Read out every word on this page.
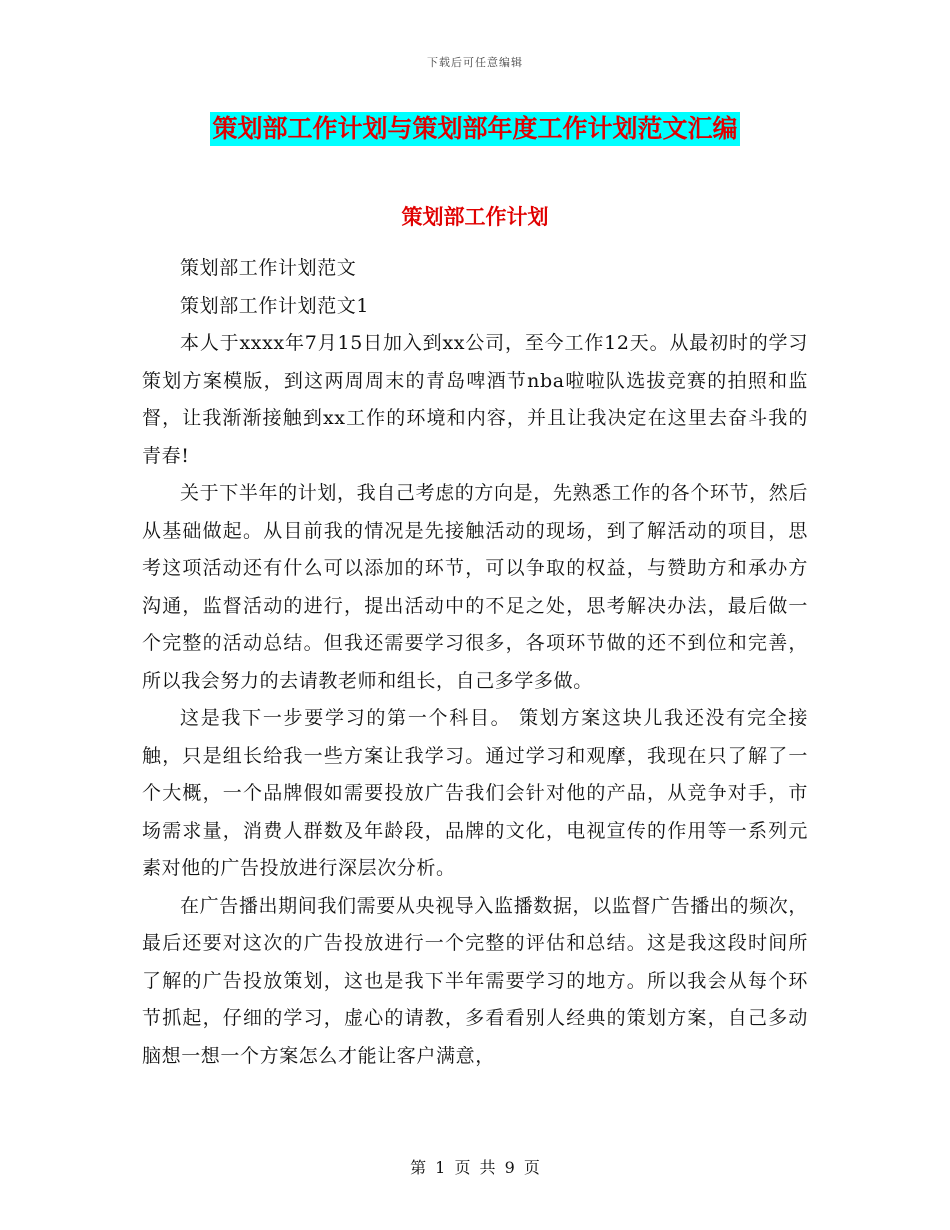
下载后可任意编辑
策划部工作计划与策划部年度工作计划范文汇编
策划部工作计划

策划部工作计划范文

策划部工作计划范文1

本人于xxxx年7月15日加入到xx公司，至今工作12天。从最初时的学习策划方案模版，到这两周周末的青岛啤酒节nba啦啦队选拔竞赛的拍照和监督，让我渐渐接触到xx工作的环境和内容，并且让我决定在这里去奋斗我的青春!

关于下半年的计划，我自己考虑的方向是，先熟悉工作的各个环节，然后从基础做起。从目前我的情况是先接触活动的现场，到了解活动的项目，思考这项活动还有什么可以添加的环节，可以争取的权益，与赞助方和承办方沟通，监督活动的进行，提出活动中的不足之处，思考解决办法，最后做一个完整的活动总结。但我还需要学习很多，各项环节做的还不到位和完善，所以我会努力的去请教老师和组长，自己多学多做。

这是我下一步要学习的第一个科目。 策划方案这块儿我还没有完全接触，只是组长给我一些方案让我学习。通过学习和观摩，我现在只了解了一个大概，一个品牌假如需要投放广告我们会针对他的产品，从竞争对手，市场需求量，消费人群数及年龄段，品牌的文化，电视宣传的作用等一系列元素对他的广告投放进行深层次分析。

在广告播出期间我们需要从央视导入监播数据，以监督广告播出的频次，最后还要对这次的广告投放进行一个完整的评估和总结。这是我这段时间所了解的广告投放策划，这也是我下半年需要学习的地方。所以我会从每个环节抓起，仔细的学习，虚心的请教，多看看别人经典的策划方案，自己多动脑想一想一个方案怎么才能让客户满意，

第 1 页 共 9 页
